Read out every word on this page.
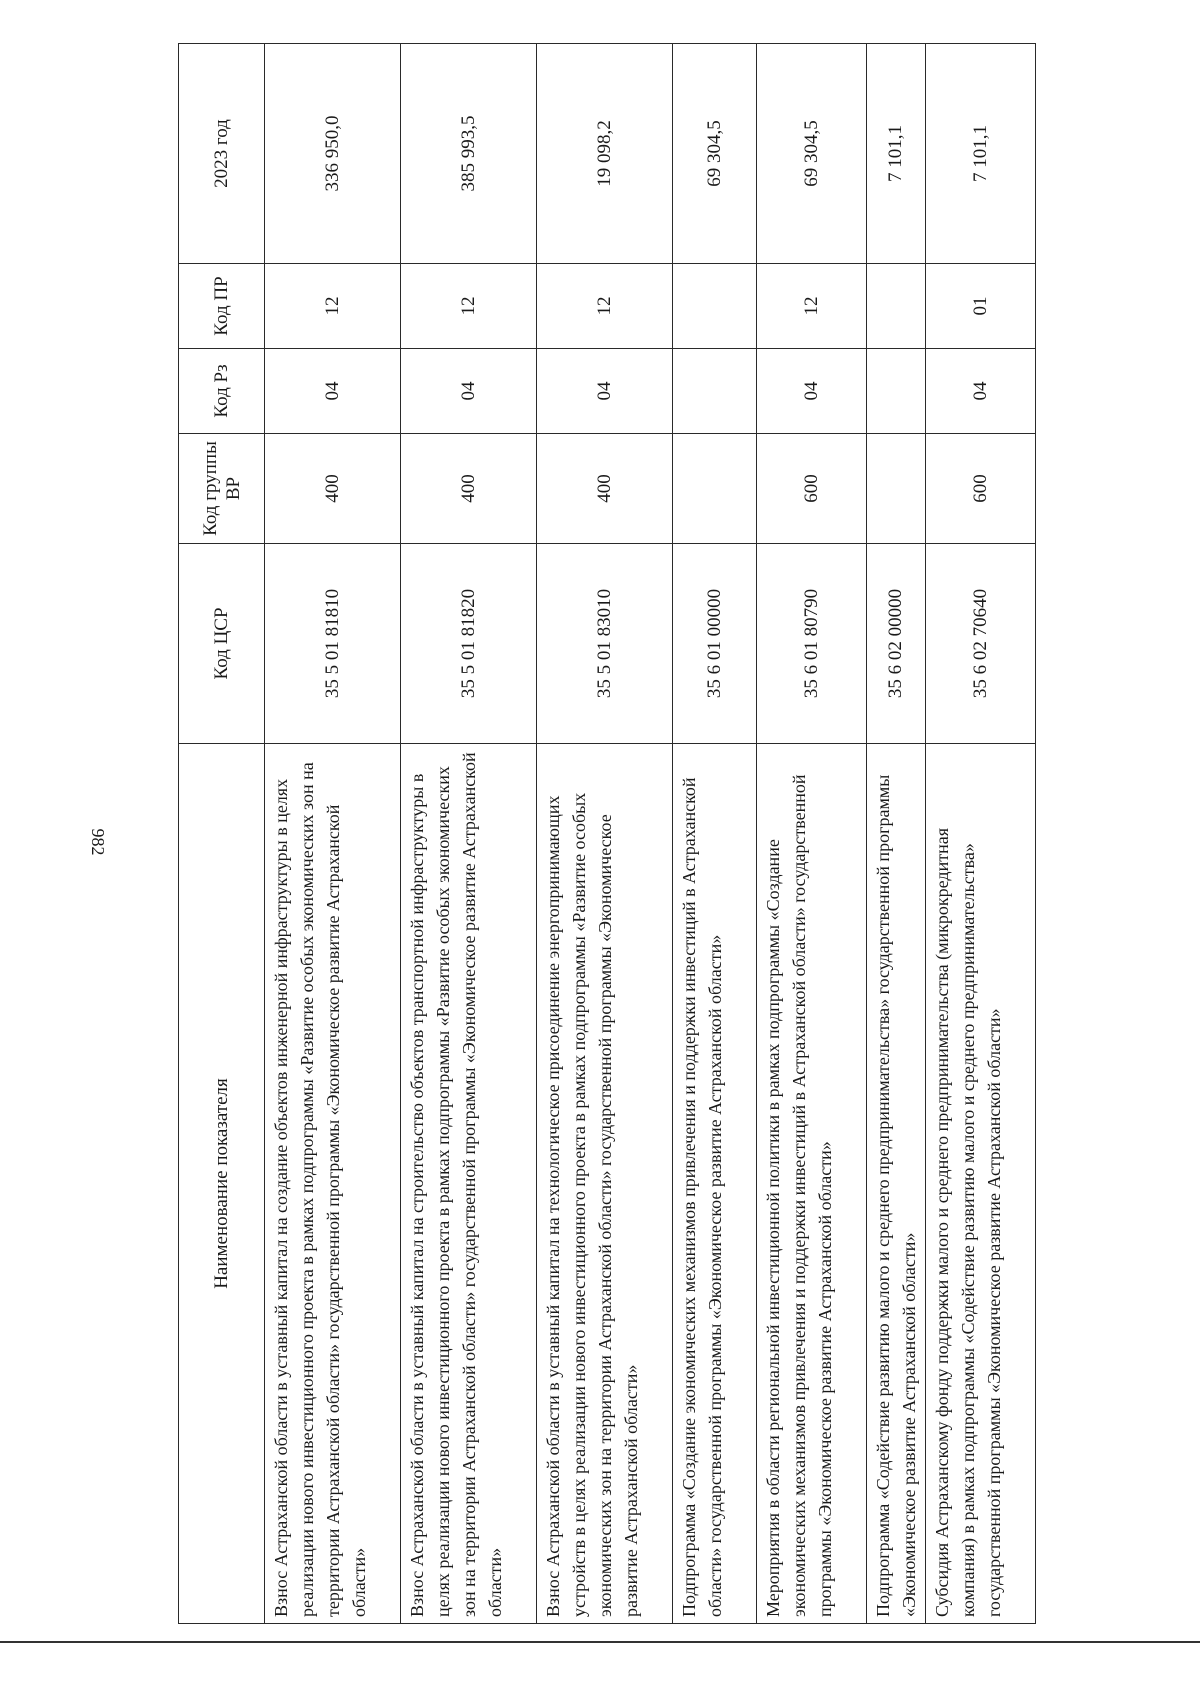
982
Наименование показателя	Код ЦСР	Код группы ВР	Код Рз	Код ПР	2023 год
Взнос Астраханской области в уставный капитал на создание объектов инженерной инфраструктуры в целях реализации нового инвестиционного проекта в рамках подпрограммы «Развитие особых экономических зон на территории Астраханской области» государственной программы «Экономическое развитие Астраханской области»	35 5 01 81810	400	04	12	336 950,0
Взнос Астраханской области в уставный капитал на строительство объектов транспортной инфраструктуры в целях реализации нового инвестиционного проекта в рамках подпрограммы «Развитие особых экономических зон на территории Астраханской области» государственной программы «Экономическое развитие Астраханской области»	35 5 01 81820	400	04	12	385 993,5
Взнос Астраханской области в уставный капитал на технологическое присоединение энергопринимающих устройств в целях реализации нового инвестиционного проекта в рамках подпрограммы «Развитие особых экономических зон на территории Астраханской области» государственной программы «Экономическое развитие Астраханской области»	35 5 01 83010	400	04	12	19 098,2
Подпрограмма «Создание экономических механизмов привлечения и поддержки инвестиций в Астраханской области» государственной программы «Экономическое развитие Астраханской области»	35 6 01 00000				69 304,5
Мероприятия в области региональной инвестиционной политики в рамках подпрограммы «Создание экономических механизмов привлечения и поддержки инвестиций в Астраханской области» государственной программы «Экономическое развитие Астраханской области»	35 6 01 80790	600	04	12	69 304,5
Подпрограмма «Содействие развитию малого и среднего предпринимательства» государственной программы «Экономическое развитие Астраханской области»	35 6 02 00000				7 101,1
Субсидия Астраханскому фонду поддержки малого и среднего предпринимательства (микрокредитная компания) в рамках подпрограммы «Содействие развитию малого и среднего предпринимательства» государственной программы «Экономическое развитие Астраханской области»	35 6 02 70640	600	04	01	7 101,1
